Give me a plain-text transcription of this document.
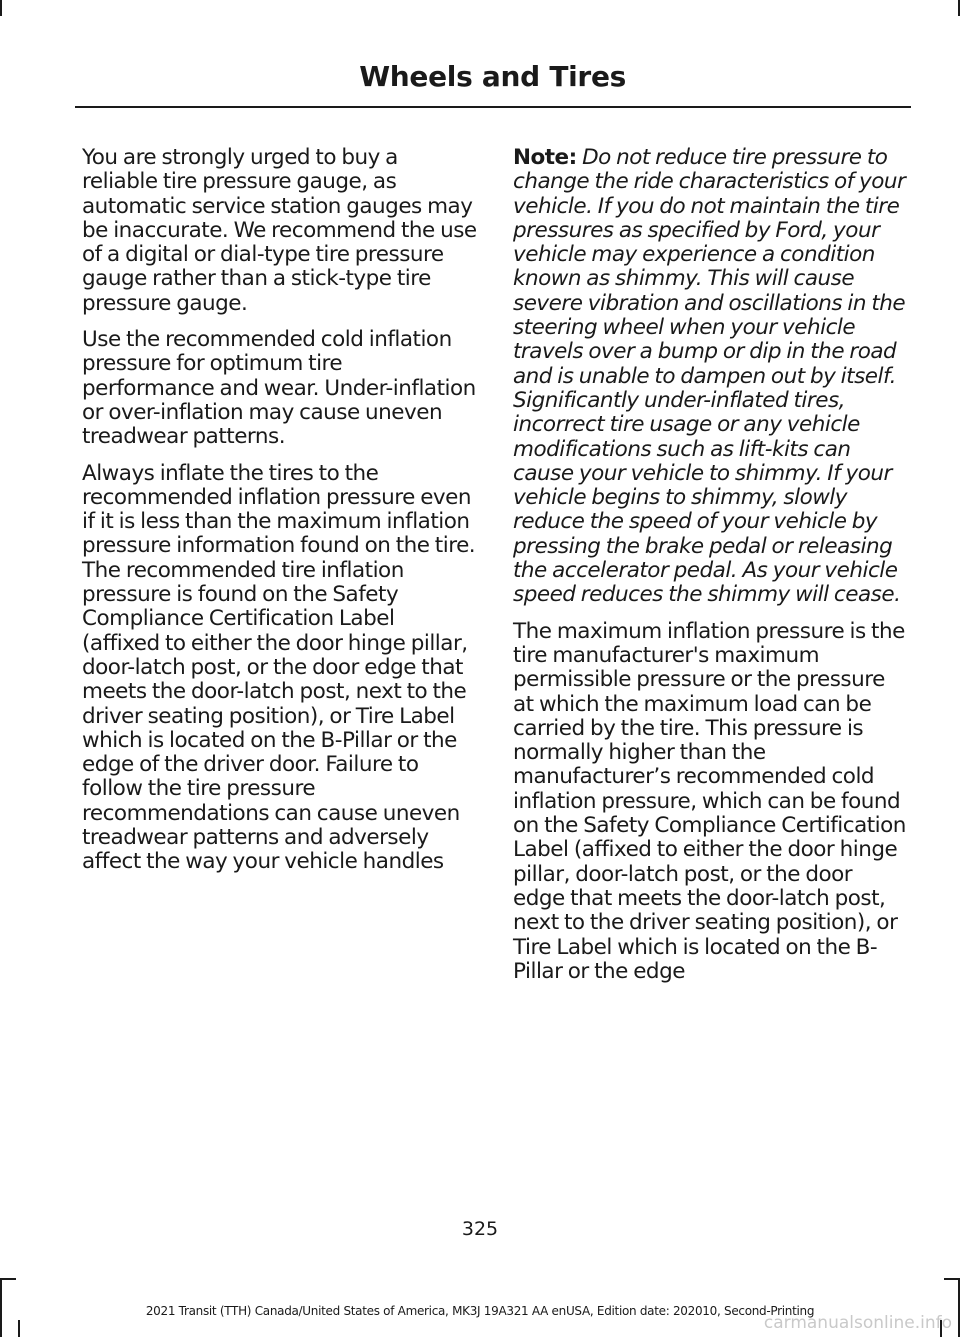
Wheels and Tires

You are strongly urged to buy a reliable tire pressure gauge, as automatic service station gauges may be inaccurate. We recommend the use of a digital or dial-type tire pressure gauge rather than a stick-type tire pressure gauge.

Use the recommended cold inflation pressure for optimum tire performance and wear. Under-inflation or over-inflation may cause uneven treadwear patterns.

Always inflate the tires to the recommended inflation pressure even if it is less than the maximum inflation pressure information found on the tire. The recommended tire inflation pressure is found on the Safety Compliance Certification Label (affixed to either the door hinge pillar, door-latch post, or the door edge that meets the door-latch post, next to the driver seating position), or Tire Label which is located on the B-Pillar or the edge of the driver door. Failure to follow the tire pressure recommendations can cause uneven treadwear patterns and adversely affect the way your vehicle handles

Note: Do not reduce tire pressure to change the ride characteristics of your vehicle. If you do not maintain the tire pressures as specified by Ford, your vehicle may experience a condition known as shimmy. This will cause severe vibration and oscillations in the steering wheel when your vehicle travels over a bump or dip in the road and is unable to dampen out by itself. Significantly under-inflated tires, incorrect tire usage or any vehicle modifications such as lift-kits can cause your vehicle to shimmy. If your vehicle begins to shimmy, slowly reduce the speed of your vehicle by pressing the brake pedal or releasing the accelerator pedal. As your vehicle speed reduces the shimmy will cease.

The maximum inflation pressure is the tire manufacturer's maximum permissible pressure or the pressure at which the maximum load can be carried by the tire. This pressure is normally higher than the manufacturer’s recommended cold inflation pressure, which can be found on the Safety Compliance Certification Label (affixed to either the door hinge pillar, door-latch post, or the door edge that meets the door-latch post, next to the driver seating position), or Tire Label which is located on the B-Pillar or the edge

325

2021 Transit (TTH) Canada/United States of America, MK3J 19A321 AA enUSA, Edition date: 202010, Second-Printing

carmanualsonline.info
